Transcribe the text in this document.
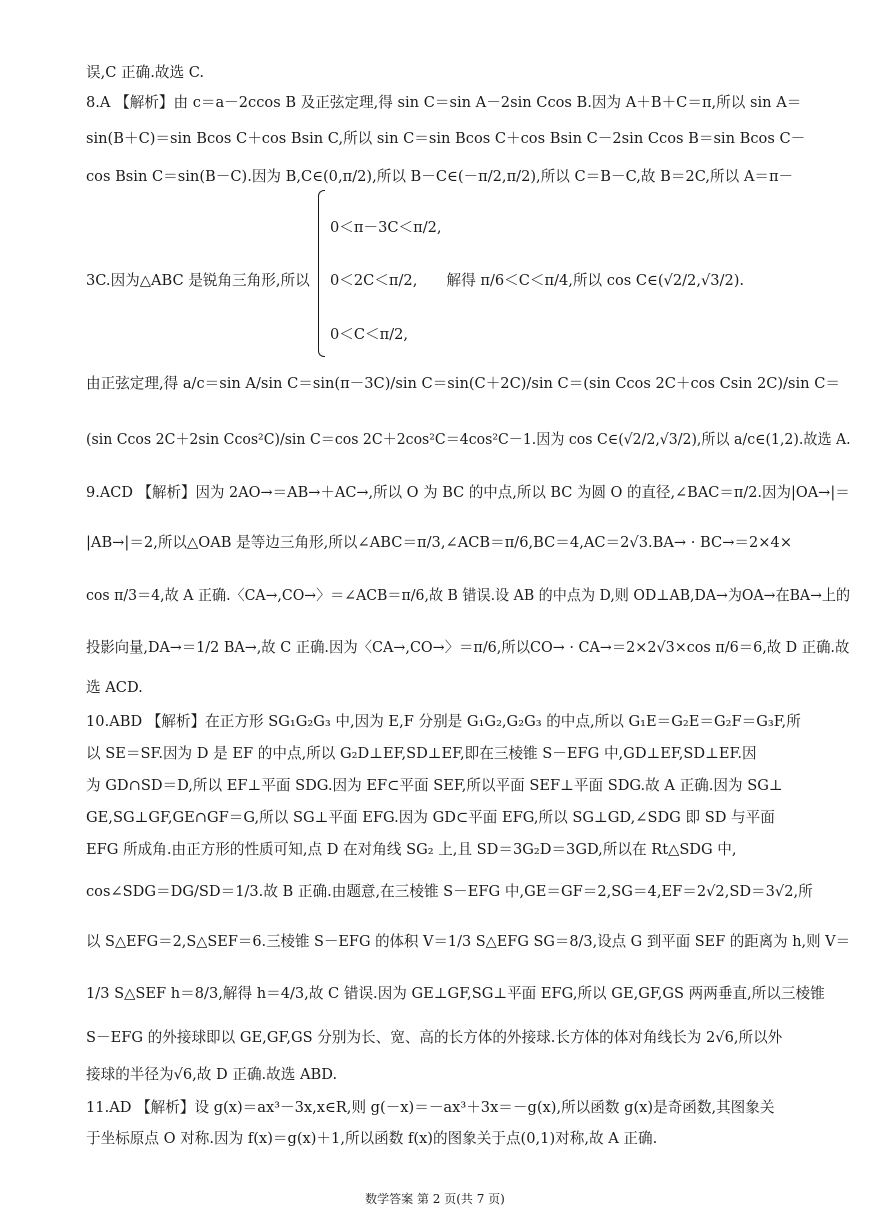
误,C 正确.故选 C.
8.A 【解析】由 c＝a－2ccos B 及正弦定理,得 sin C＝sin A－2sin Ccos B.因为 A＋B＋C＝π,所以 sin A＝
sin(B＋C)＝sin Bcos C＋cos Bsin C,所以 sin C＝sin Bcos C＋cos Bsin C－2sin Ccos B＝sin Bcos C－
cos Bsin C＝sin(B－C).因为 B,C∈(0,π/2),所以 B－C∈(－π/2,π/2),所以 C＝B－C,故 B＝2C,所以 A＝π－
0＜π－3C＜π/2,
3C.因为△ABC 是锐角三角形,所以 0＜2C＜π/2,　　解得 π/6＜C＜π/4,所以 cos C∈(√2/2,√3/2).
0＜C＜π/2,
由正弦定理,得 a/c＝sin A/sin C＝sin(π－3C)/sin C＝sin(C＋2C)/sin C＝(sin Ccos 2C＋cos Csin 2C)/sin C＝
(sin Ccos 2C＋2sin Ccos²C)/sin C＝cos 2C＋2cos²C＝4cos²C－1.因为 cos C∈(√2/2,√3/2),所以 a/c∈(1,2).故选 A.
9.ACD 【解析】因为 2AO→＝AB→＋AC→,所以 O 为 BC 的中点,所以 BC 为圆 O 的直径,∠BAC＝π/2.因为|OA→|＝
|AB→|＝2,所以△OAB 是等边三角形,所以∠ABC＝π/3,∠ACB＝π/6,BC＝4,AC＝2√3.BA→ · BC→＝2×4×
cos π/3＝4,故 A 正确.〈CA→,CO→〉＝∠ACB＝π/6,故 B 错误.设 AB 的中点为 D,则 OD⊥AB,DA→为OA→在BA→上的
投影向量,DA→＝1/2 BA→,故 C 正确.因为〈CA→,CO→〉＝π/6,所以CO→ · CA→＝2×2√3×cos π/6＝6,故 D 正确.故
选 ACD.
10.ABD 【解析】在正方形 SG₁G₂G₃ 中,因为 E,F 分别是 G₁G₂,G₂G₃ 的中点,所以 G₁E＝G₂E＝G₂F＝G₃F,所
以 SE＝SF.因为 D 是 EF 的中点,所以 G₂D⊥EF,SD⊥EF,即在三棱锥 S－EFG 中,GD⊥EF,SD⊥EF.因
为 GD∩SD＝D,所以 EF⊥平面 SDG.因为 EF⊂平面 SEF,所以平面 SEF⊥平面 SDG.故 A 正确.因为 SG⊥
GE,SG⊥GF,GE∩GF＝G,所以 SG⊥平面 EFG.因为 GD⊂平面 EFG,所以 SG⊥GD,∠SDG 即 SD 与平面
EFG 所成角.由正方形的性质可知,点 D 在对角线 SG₂ 上,且 SD＝3G₂D＝3GD,所以在 Rt△SDG 中,
cos∠SDG＝DG/SD＝1/3.故 B 正确.由题意,在三棱锥 S－EFG 中,GE＝GF＝2,SG＝4,EF＝2√2,SD＝3√2,所
以 S△EFG＝2,S△SEF＝6.三棱锥 S－EFG 的体积 V＝1/3 S△EFG SG＝8/3,设点 G 到平面 SEF 的距离为 h,则 V＝
1/3 S△SEF h＝8/3,解得 h＝4/3,故 C 错误.因为 GE⊥GF,SG⊥平面 EFG,所以 GE,GF,GS 两两垂直,所以三棱锥
S－EFG 的外接球即以 GE,GF,GS 分别为长、宽、高的长方体的外接球.长方体的体对角线长为 2√6,所以外
接球的半径为√6,故 D 正确.故选 ABD.
11.AD 【解析】设 g(x)＝ax³－3x,x∈R,则 g(－x)＝－ax³＋3x＝－g(x),所以函数 g(x)是奇函数,其图象关
于坐标原点 O 对称.因为 f(x)＝g(x)＋1,所以函数 f(x)的图象关于点(0,1)对称,故 A 正确.
数学答案 第 2 页(共 7 页)
